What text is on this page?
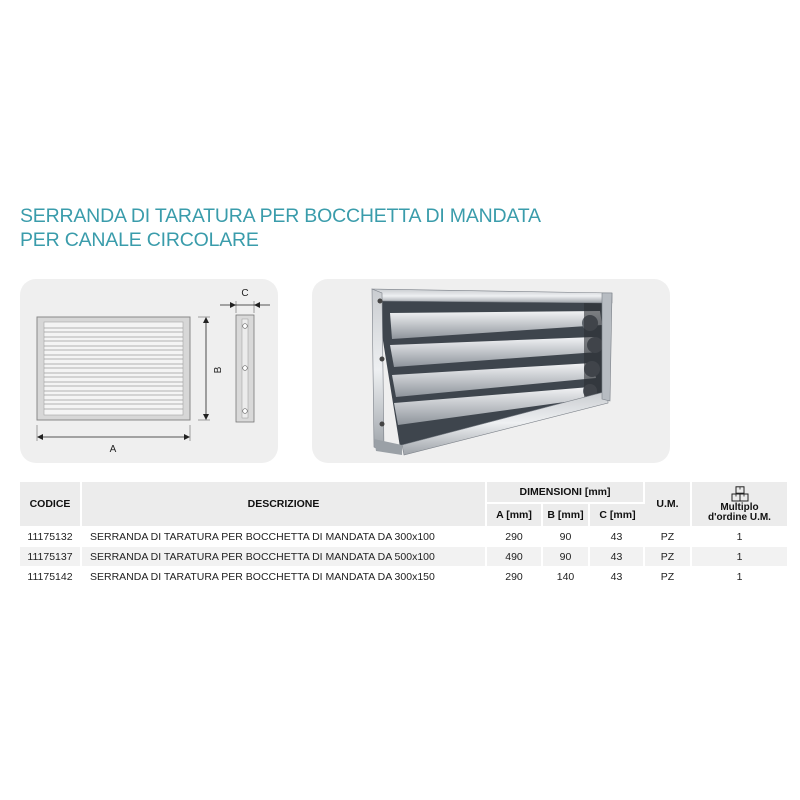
SERRANDA DI TARATURA PER BOCCHETTA DI MANDATA
PER CANALE CIRCOLARE
B
A
C
CODICE	DESCRIZIONE	DIMENSIONI [mm]			U.M.	Multiplo
d'ordine U.M.

		A [mm]	B [mm]	C [mm]		
11175132	SERRANDA DI TARATURA PER BOCCHETTA DI MANDATA DA 300x100	290	90	43	PZ	1
11175137	SERRANDA DI TARATURA PER BOCCHETTA DI MANDATA DA 500x100	490	90	43	PZ	1
11175142	SERRANDA DI TARATURA PER BOCCHETTA DI MANDATA DA 300x150	290	140	43	PZ	1
